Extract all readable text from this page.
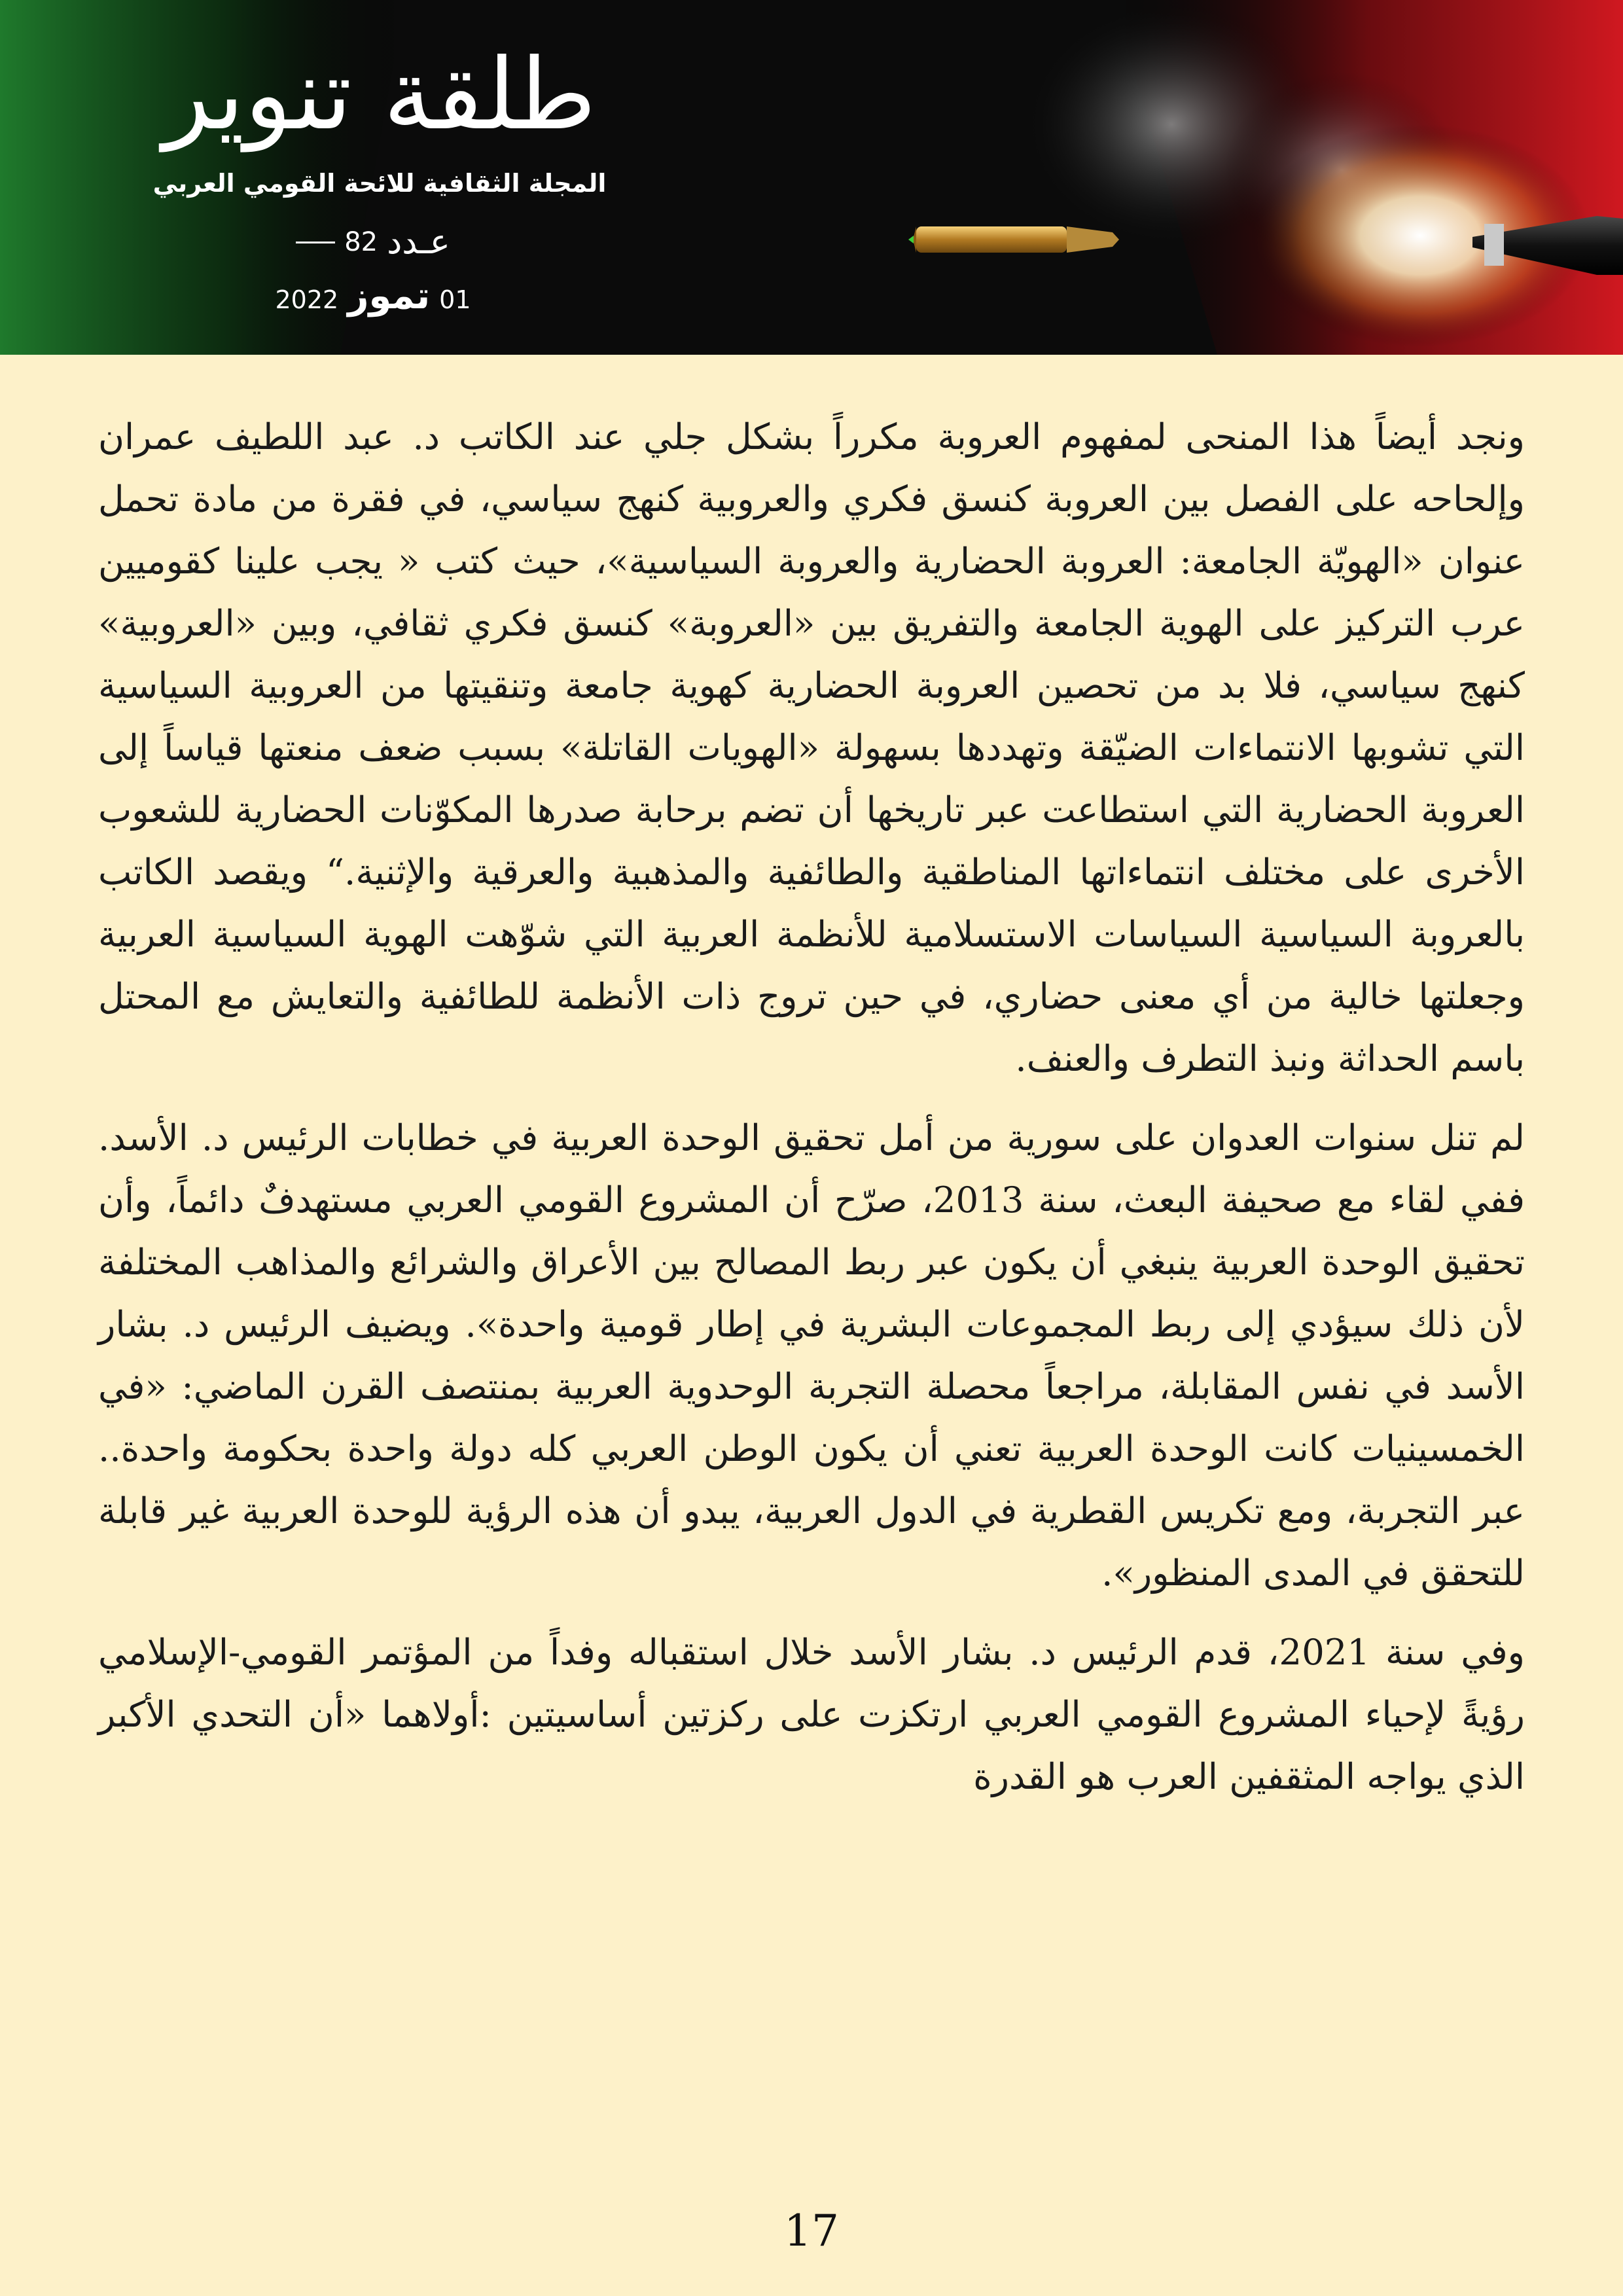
طلقة تنوير
المجلة الثقافية للائحة القومي العربي
82 عـدد
2022 تموز 01

ونجد أيضاً هذا المنحى لمفهوم العروبة مكرراً بشكل جلي عند الكاتب د. عبد اللطيف عمران وإلحاحه على الفصل بين العروبة كنسق فكري والعروبية كنهج سياسي، في فقرة من مادة تحمل عنوان «الهويّة الجامعة: العروبة الحضارية والعروبة السياسية»، حيث كتب « يجب علينا كقوميين عرب التركيز على الهوية الجامعة والتفريق بين «العروبة» كنسق فكري ثقافي، وبين «العروبية» كنهج سياسي، فلا بد من تحصين العروبة الحضارية كهوية جامعة وتنقيتها من العروبية السياسية التي تشوبها الانتماءات الضيّقة وتهددها بسهولة «الهويات القاتلة» بسبب ضعف منعتها قياساً إلى العروبة الحضارية التي استطاعت عبر تاريخها أن تضم برحابة صدرها المكوّنات الحضارية للشعوب الأخرى على مختلف انتماءاتها المناطقية والطائفية والمذهبية والعرقية والإثنية.“ ويقصد الكاتب بالعروبة السياسية السياسات الاستسلامية للأنظمة العربية التي شوّهت الهوية السياسية العربية وجعلتها خالية من أي معنى حضاري، في حين تروج ذات الأنظمة للطائفية والتعايش مع المحتل باسم الحداثة ونبذ التطرف والعنف.

لم تنل سنوات العدوان على سورية من أمل تحقيق الوحدة العربية في خطابات الرئيس د. الأسد. ففي لقاء مع صحيفة البعث، سنة 2013، صرّح أن المشروع القومي العربي مستهدفٌ دائماً، وأن تحقيق الوحدة العربية ينبغي أن يكون عبر ربط المصالح بين الأعراق والشرائع والمذاهب المختلفة لأن ذلك سيؤدي إلى ربط المجموعات البشرية في إطار قومية واحدة». ويضيف الرئيس د. بشار الأسد في نفس المقابلة، مراجعاً محصلة التجربة الوحدوية العربية بمنتصف القرن الماضي: «في الخمسينيات كانت الوحدة العربية تعني أن يكون الوطن العربي كله دولة واحدة بحكومة واحدة.. عبر التجربة، ومع تكريس القطرية في الدول العربية، يبدو أن هذه الرؤية للوحدة العربية غير قابلة للتحقق في المدى المنظور».

وفي سنة 2021، قدم الرئيس د. بشار الأسد خلال استقباله وفداً من المؤتمر القومي-الإسلامي رؤيةً لإحياء المشروع القومي العربي ارتكزت على ركزتين أساسيتين :أولاهما «أن التحدي الأكبر الذي يواجه المثقفين العرب هو القدرة

17
